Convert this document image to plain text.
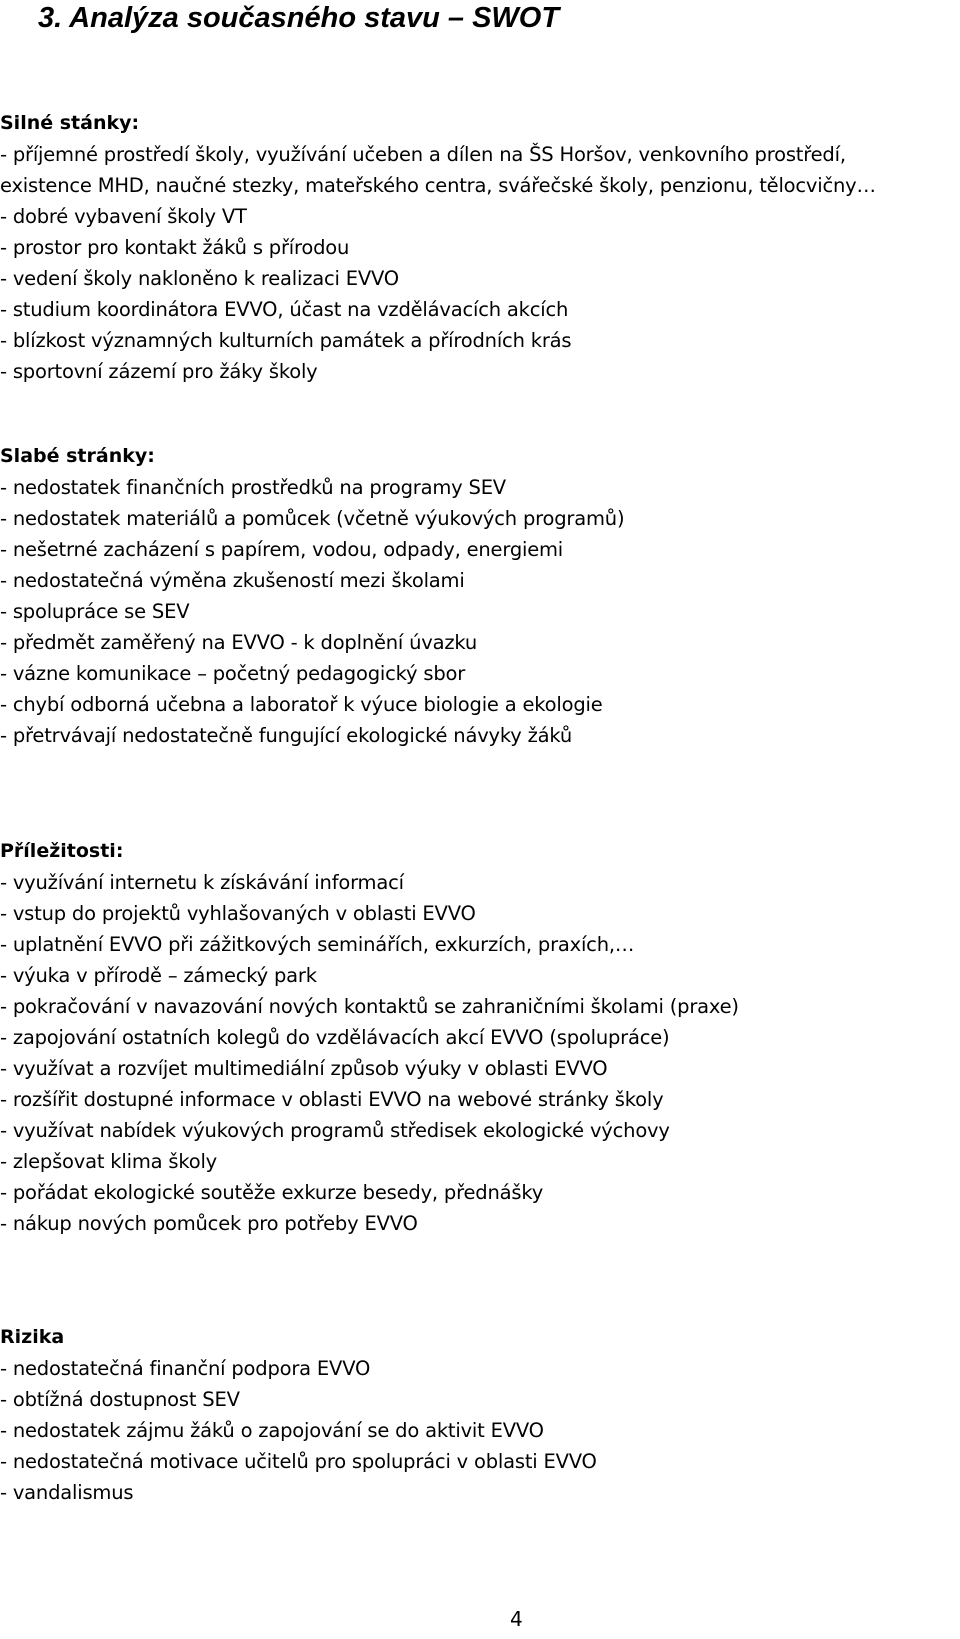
3. Analýza současného stavu – SWOT

Silné stánky:

- příjemné prostředí školy, využívání učeben a dílen na ŠS Horšov, venkovního prostředí,

existence MHD, naučné stezky, mateřského centra, svářečské školy, penzionu, tělocvičny…

- dobré vybavení školy VT

- prostor pro kontakt žáků s přírodou

- vedení školy nakloněno k realizaci EVVO

- studium koordinátora EVVO, účast na vzdělávacích akcích

- blízkost významných kulturních památek a přírodních krás

- sportovní zázemí pro žáky školy

Slabé stránky:

- nedostatek finančních prostředků na programy SEV

- nedostatek materiálů a pomůcek (včetně výukových programů)

- nešetrné zacházení s papírem, vodou, odpady, energiemi

- nedostatečná výměna zkušeností mezi školami

- spolupráce se SEV

- předmět zaměřený na EVVO - k doplnění úvazku

- vázne komunikace – početný pedagogický sbor

- chybí odborná učebna a laboratoř k výuce biologie a ekologie

- přetrvávají nedostatečně fungující ekologické návyky žáků

Příležitosti:

- využívání internetu k získávání informací

- vstup do projektů vyhlašovaných v oblasti EVVO

- uplatnění EVVO při zážitkových seminářích, exkurzích, praxích,…

- výuka v přírodě – zámecký park

- pokračování v navazování nových kontaktů se zahraničními školami (praxe)

- zapojování ostatních kolegů do vzdělávacích akcí EVVO (spolupráce)

- využívat a rozvíjet multimediální způsob výuky v oblasti EVVO

- rozšířit dostupné informace v oblasti EVVO na webové stránky školy

- využívat nabídek výukových programů středisek ekologické výchovy

- zlepšovat klima školy

- pořádat ekologické soutěže exkurze besedy, přednášky

- nákup nových pomůcek pro potřeby EVVO

Rizika

- nedostatečná finanční podpora EVVO

- obtížná dostupnost SEV

- nedostatek zájmu žáků o zapojování se do aktivit EVVO

- nedostatečná motivace učitelů pro spolupráci v oblasti EVVO

- vandalismus

4
